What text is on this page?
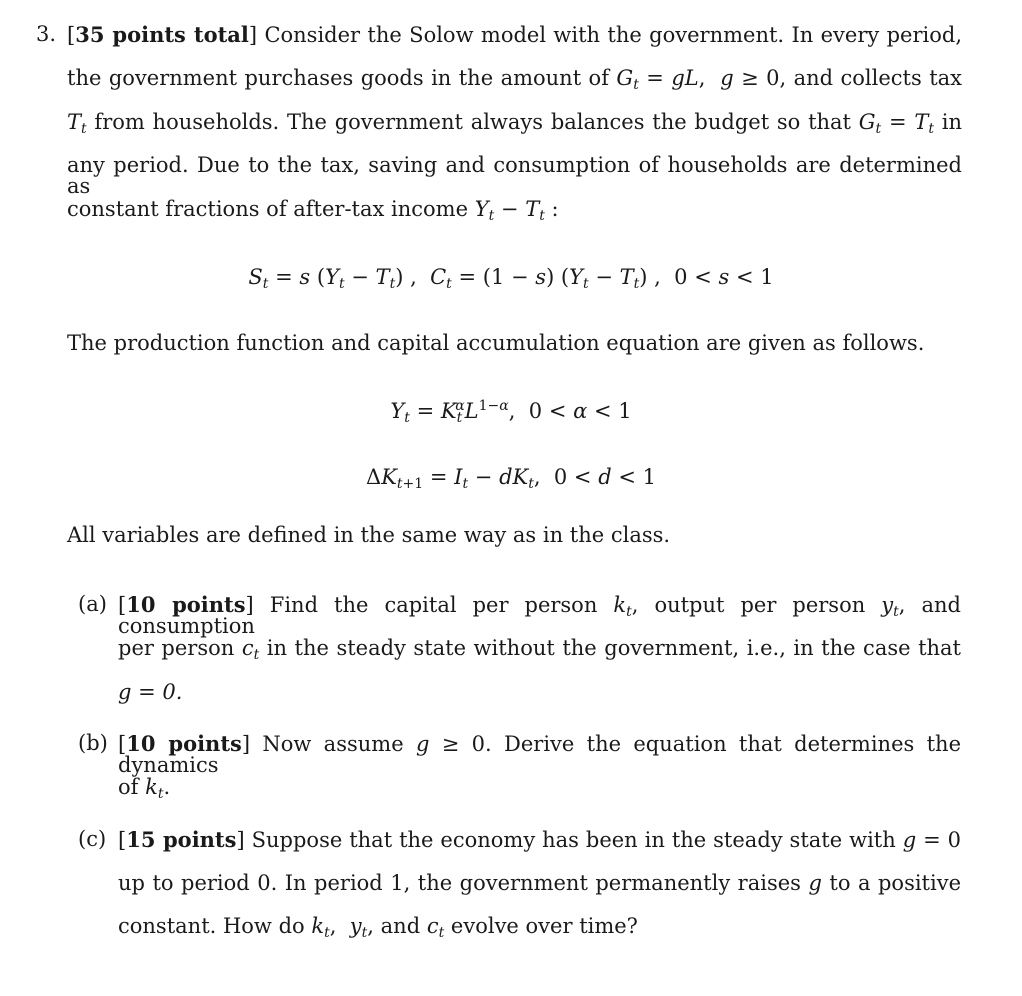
3. [35 points total] Consider the Solow model with the government. In every period,
the government purchases goods in the amount of $G_t$ = gL,  g ≥ 0, and collects tax
$T_t$ from households. The government always balances the budget so that $G_t = T_t$ in
any period. Due to the tax, saving and consumption of households are determined as
constant fractions of after-tax income $Y_t - T_t$ :
$S_t = s$ $(Y_t - T_t)$ ,  $C_t = (1 - s) (Y_t - T_t)$ , 0 < s < 1
The production function and capital accumulation equation are given as follows.
$Y_t = K_t^\alpha L^{1-\alpha}$, 0 < α < 1
$\Delta K_{t+1} = I_t - dK_t$, 0 < d < 1
All variables are defined in the same way as in the class.
(a) [10 points] Find the capital per person $k_t$, output per person $y_t$, and consumption
per person $c_t$ in the steady state without the government, i.e., in the case that
g = 0.
(b) [10 points] Now assume g ≥ 0. Derive the equation that determines the dynamics
of $k_t$.
(c) [15 points] Suppose that the economy has been in the steady state with g = 0
up to period 0. In period 1, the government permanently raises g to a positive
constant. How do $k_t$,  $y_t$, and $c_t$ evolve over time?
